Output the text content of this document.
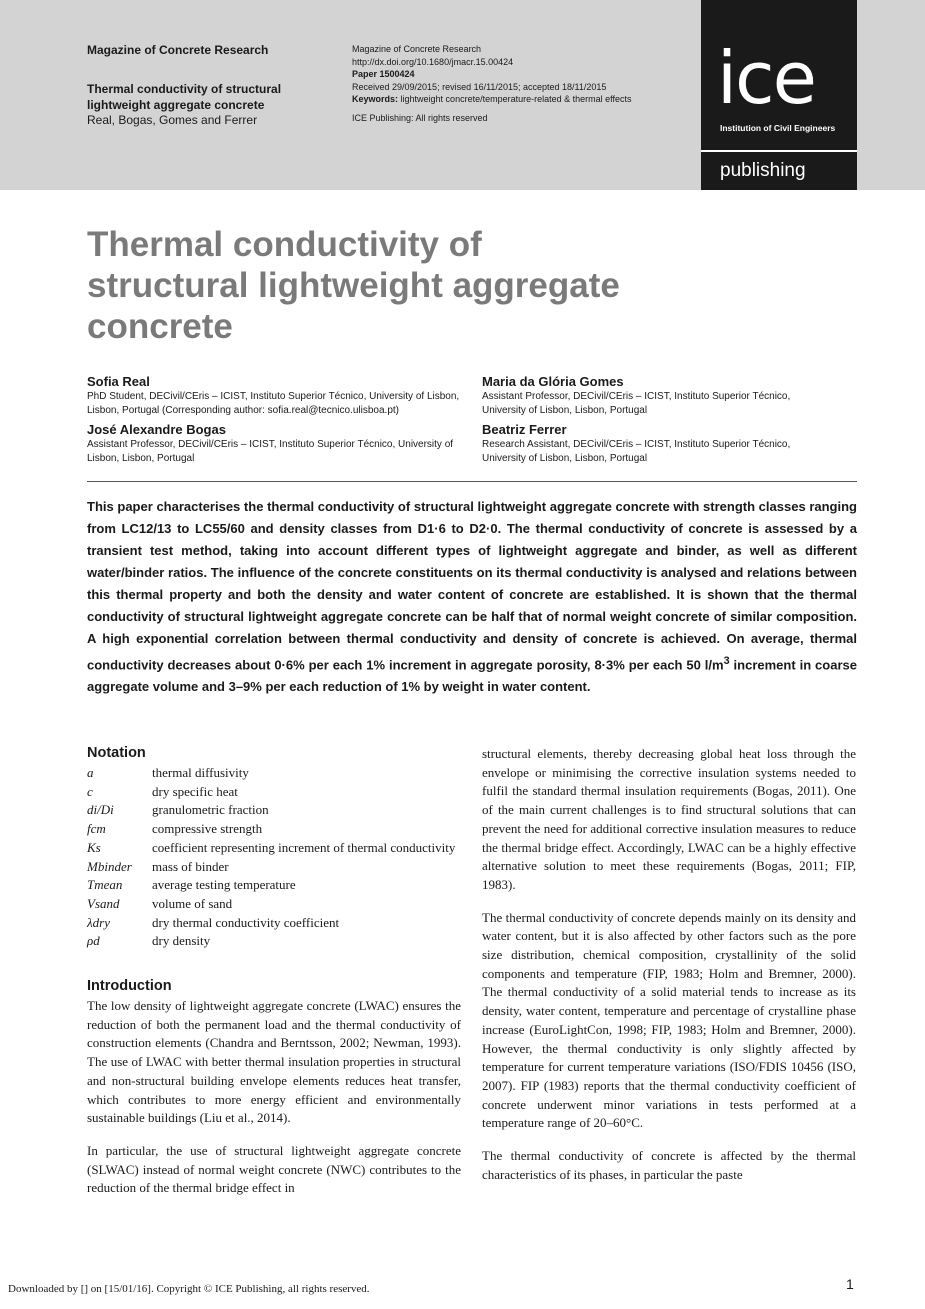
Magazine of Concrete Research
Thermal conductivity of structural lightweight aggregate concrete
Real, Bogas, Gomes and Ferrer
Magazine of Concrete Research
http://dx.doi.org/10.1680/jmacr.15.00424
Paper 1500424
Received 29/09/2015; revised 16/11/2015; accepted 18/11/2015
Keywords: lightweight concrete/temperature-related & thermal effects
ICE Publishing: All rights reserved	ice
Institution of Civil Engineers
publishing
Thermal conductivity of structural lightweight aggregate concrete
Sofia Real
PhD Student, DECivil/CEris – ICIST, Instituto Superior Técnico, University of Lisbon, Lisbon, Portugal (Corresponding author: sofia.real@tecnico.ulisboa.pt)
José Alexandre Bogas
Assistant Professor, DECivil/CEris – ICIST, Instituto Superior Técnico, University of Lisbon, Lisbon, Portugal
Maria da Glória Gomes
Assistant Professor, DECivil/CEris – ICIST, Instituto Superior Técnico, University of Lisbon, Lisbon, Portugal
Beatriz Ferrer
Research Assistant, DECivil/CEris – ICIST, Instituto Superior Técnico, University of Lisbon, Lisbon, Portugal
This paper characterises the thermal conductivity of structural lightweight aggregate concrete with strength classes ranging from LC12/13 to LC55/60 and density classes from D1·6 to D2·0. The thermal conductivity of concrete is assessed by a transient test method, taking into account different types of lightweight aggregate and binder, as well as different water/binder ratios. The influence of the concrete constituents on its thermal conductivity is analysed and relations between this thermal property and both the density and water content of concrete are established. It is shown that the thermal conductivity of structural lightweight aggregate concrete can be half that of normal weight concrete of similar composition. A high exponential correlation between thermal conductivity and density of concrete is achieved. On average, thermal conductivity decreases about 0·6% per each 1% increment in aggregate porosity, 8·3% per each 50 $l/m^3$ increment in coarse aggregate volume and 3–9% per each reduction of 1% by weight in water content.
Notation
a	thermal diffusivity
c	dry specific heat
di/Di	granulometric fraction
fcm	compressive strength
Ks	coefficient representing increment of thermal conductivity
Mbinder	mass of binder
Tmean	average testing temperature
Vsand	volume of sand
λdry	dry thermal conductivity coefficient
ρd	dry density
Introduction

The low density of lightweight aggregate concrete (LWAC) ensures the reduction of both the permanent load and the thermal conductivity of construction elements (Chandra and Berntsson, 2002; Newman, 1993). The use of LWAC with better thermal insulation properties in structural and non-structural building envelope elements reduces heat transfer, which contributes to more energy efficient and environmentally sustainable buildings (Liu et al., 2014).

In particular, the use of structural lightweight aggregate concrete (SLWAC) instead of normal weight concrete (NWC) contributes to the reduction of the thermal bridge effect in

structural elements, thereby decreasing global heat loss through the envelope or minimising the corrective insulation systems needed to fulfil the standard thermal insulation requirements (Bogas, 2011). One of the main current challenges is to find structural solutions that can prevent the need for additional corrective insulation measures to reduce the thermal bridge effect. Accordingly, LWAC can be a highly effective alternative solution to meet these requirements (Bogas, 2011; FIP, 1983).

The thermal conductivity of concrete depends mainly on its density and water content, but it is also affected by other factors such as the pore size distribution, chemical composition, crystallinity of the solid components and temperature (FIP, 1983; Holm and Bremner, 2000). The thermal conductivity of a solid material tends to increase as its density, water content, temperature and percentage of crystalline phase increase (EuroLightCon, 1998; FIP, 1983; Holm and Bremner, 2000). However, the thermal conductivity is only slightly affected by temperature for current temperature variations (ISO/FDIS 10456 (ISO, 2007). FIP (1983) reports that the thermal conductivity coefficient of concrete underwent minor variations in tests performed at a temperature range of 20–60°C.

The thermal conductivity of concrete is affected by the thermal characteristics of its phases, in particular the paste

Downloaded by [] on [15/01/16]. Copyright © ICE Publishing, all rights reserved.	1
